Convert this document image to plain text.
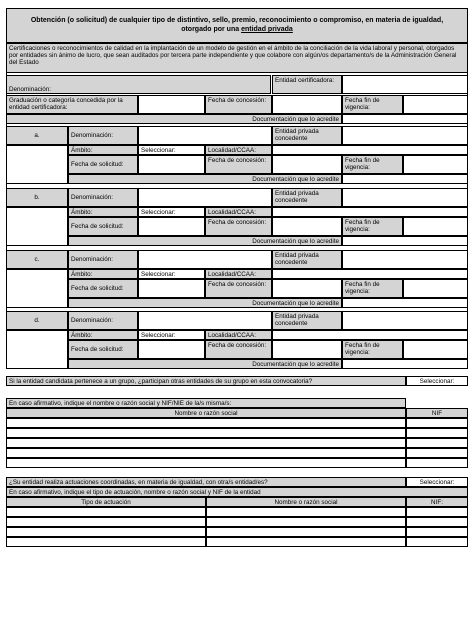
Obtención (o solicitud) de cualquier tipo de distintivo, sello, premio, reconocimiento o compromiso, en materia de igualdad,
otorgado por una entidad privada
Certificaciones o reconocimientos de calidad en la implantación de un modelo de gestión en el ámbito de la conciliación de la vida laboral y personal, otorgados por entidades sin ánimo de lucro, que sean auditados por tercera parte independiente y que colabore con algún/os departamento/s de la Administración General del Estado
Denominación:
Entidad certificadora:
Graduación o categoría concedida por la entidad certificadora:
Fecha de concesión:	Fecha fin de vigencia:
Documentación que lo acredite
a.	Denominación:
Entidad privada concedente
Ámbito:	Seleccionar:	Localidad/CCAA:
Fecha de solicitud:
Fecha de concesión:	Fecha fin de vigencia:
Documentación que lo acredite
b.	Denominación:
Entidad privada concedente
Ámbito:	Seleccionar:	Localidad/CCAA:
Fecha de solicitud:
Fecha de concesión:	Fecha fin de vigencia:
Documentación que lo acredite
c.	Denominación:
Entidad privada concedente
Ámbito:	Seleccionar:	Localidad/CCAA:
Fecha de solicitud:
Fecha de concesión:	Fecha fin de vigencia:
Documentación que lo acredite
d.	Denominación:
Entidad privada concedente
Ámbito:	Seleccionar:	Localidad/CCAA:
Fecha de solicitud:
Fecha de concesión:	Fecha fin de vigencia:
Documentación que lo acredite
Si la entidad candidata pertenece a un grupo, ¿participan otras entidades de su grupo en esta convocatoria?	Seleccionar:
En caso afirmativo, indique el nombre o razón social y NIF/NIE de la/s misma/s:
Nombre o razón social	NIF
¿Su entidad realiza actuaciones coordinadas, en materia de igualdad, con otra/s entidad/es?	Seleccionar:
En caso afirmativo, indique el tipo de actuación, nombre o razón social y NIF de la entidad
Tipo de actuación	Nombre o razón social	NIF:
